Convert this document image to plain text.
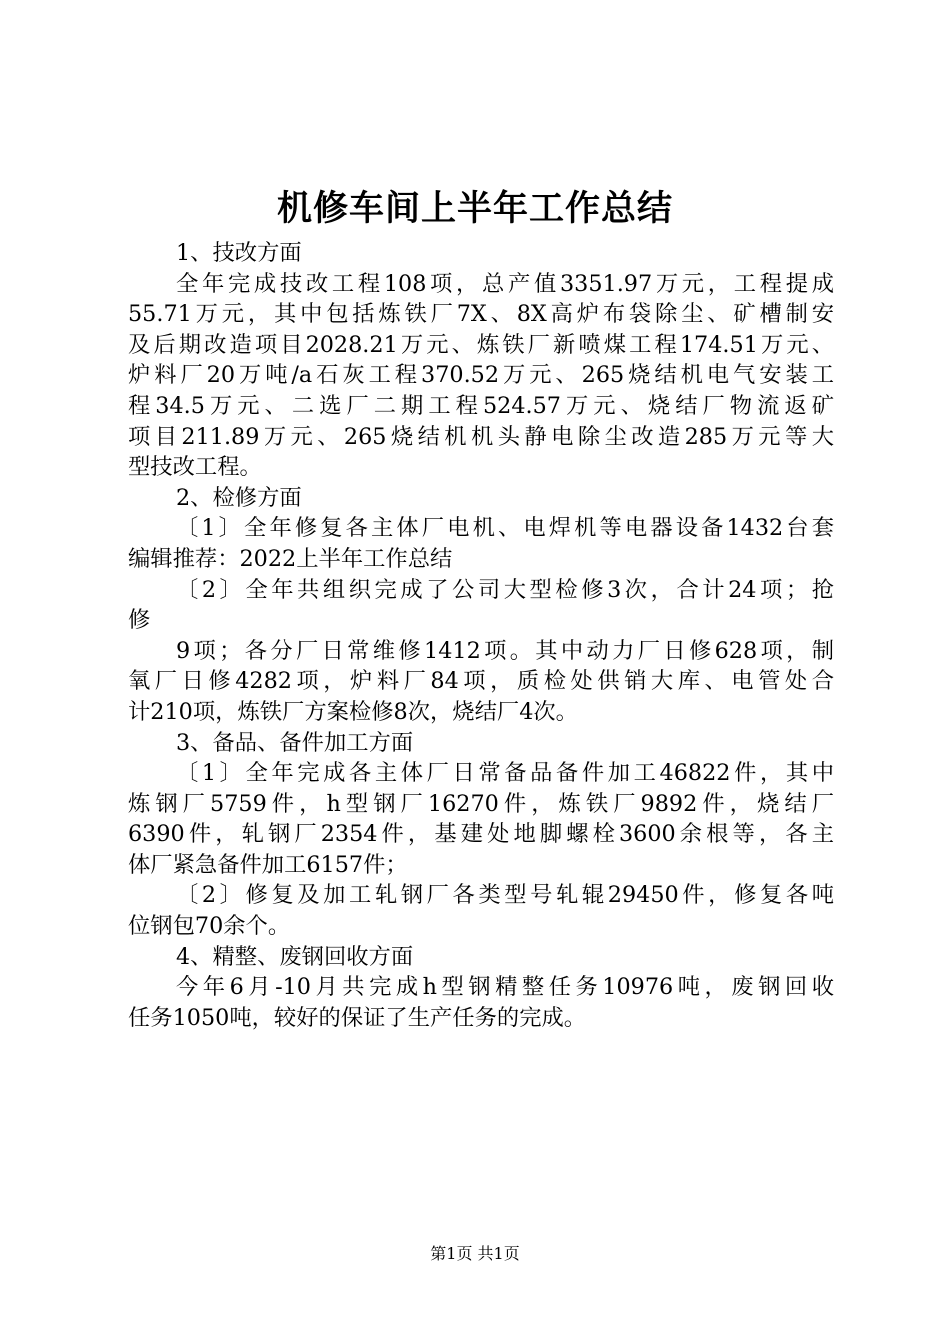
机修车间上半年工作总结
1、技改方面
全年完成技改工程108项，总产值3351.97万元，工程提成
55.71万元，其中包括炼铁厂7X、8X高炉布袋除尘、矿槽制安
及后期改造项目2028.21万元、炼铁厂新喷煤工程174.51万元、
炉料厂20万吨/a石灰工程370.52万元、265烧结机电气安装工
程34.5万元、二选厂二期工程524.57万元、烧结厂物流返矿
项目211.89万元、265烧结机机头静电除尘改造285万元等大
型技改工程。
2、检修方面
〔1〕全年修复各主体厂电机、电焊机等电器设备1432台套
编辑推荐：2022上半年工作总结
〔2〕全年共组织完成了公司大型检修3次，合计24项；抢
修
9项；各分厂日常维修1412项。其中动力厂日修628项，制
氧厂日修4282项，炉料厂84项，质检处供销大库、电管处合
计210项，炼铁厂方案检修8次，烧结厂4次。
3、备品、备件加工方面
〔1〕全年完成各主体厂日常备品备件加工46822件，其中
炼钢厂5759件，h型钢厂16270件，炼铁厂9892件，烧结厂
6390件，轧钢厂2354件，基建处地脚螺栓3600余根等，各主
体厂紧急备件加工6157件；
〔2〕修复及加工轧钢厂各类型号轧辊29450件，修复各吨
位钢包70余个。
4、精整、废钢回收方面
今年6月-10月共完成h型钢精整任务10976吨，废钢回收
任务1050吨，较好的保证了生产任务的完成。
第1页 共1页
